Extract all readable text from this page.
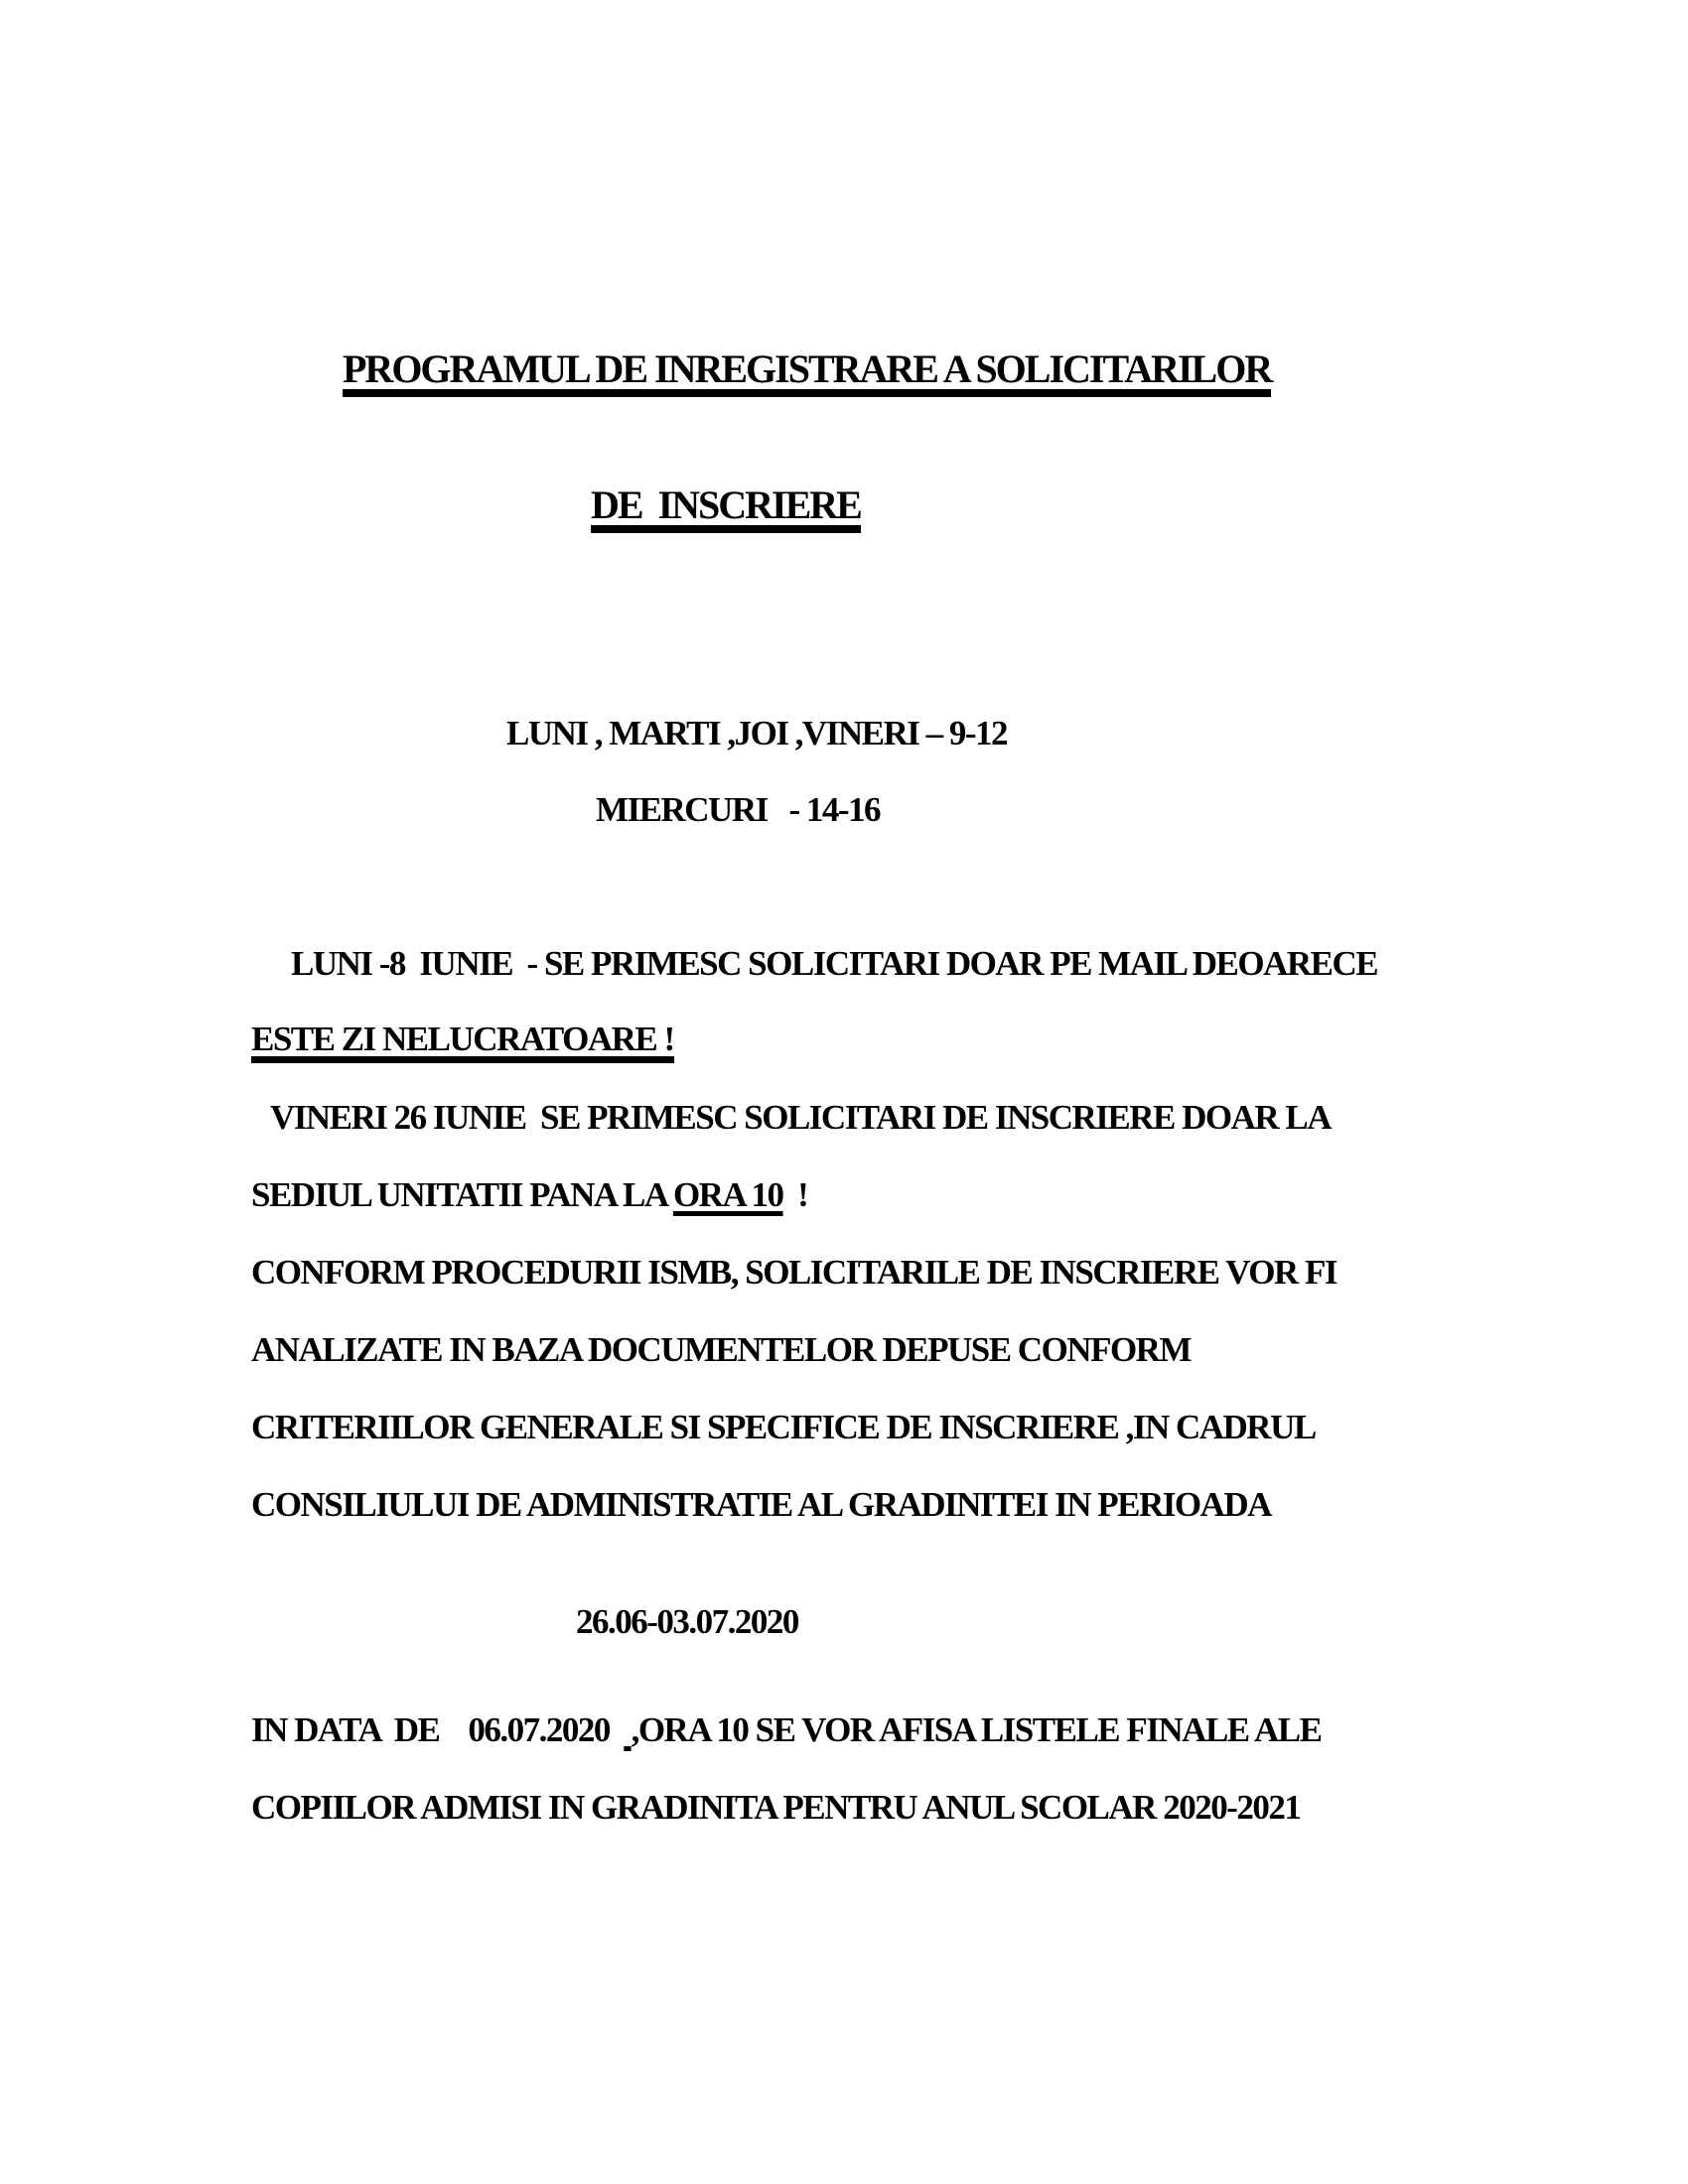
PROGRAMUL DE INREGISTRARE A SOLICITARILOR
DE  INSCRIERE
LUNI , MARTI ,JOI ,VINERI – 9-12
MIERCURI   - 14-16
LUNI -8  IUNIE  - SE PRIMESC SOLICITARI DOAR PE MAIL DEOARECE
ESTE ZI NELUCRATOARE !
VINERI 26 IUNIE  SE PRIMESC SOLICITARI DE INSCRIERE DOAR LA
SEDIUL UNITATII PANA LA ORA 10  !
CONFORM PROCEDURII ISMB, SOLICITARILE DE INSCRIERE VOR FI
ANALIZATE IN BAZA DOCUMENTELOR DEPUSE CONFORM
CRITERIILOR GENERALE SI SPECIFICE DE INSCRIERE ,IN CADRUL
CONSILIULUI DE ADMINISTRATIE AL GRADINITEI IN PERIOADA
26.06-03.07.2020
IN DATA  DE    06.07.2020   ,ORA 10 SE VOR AFISA LISTELE FINALE ALE
COPIILOR ADMISI IN GRADINITA PENTRU ANUL SCOLAR 2020-2021
